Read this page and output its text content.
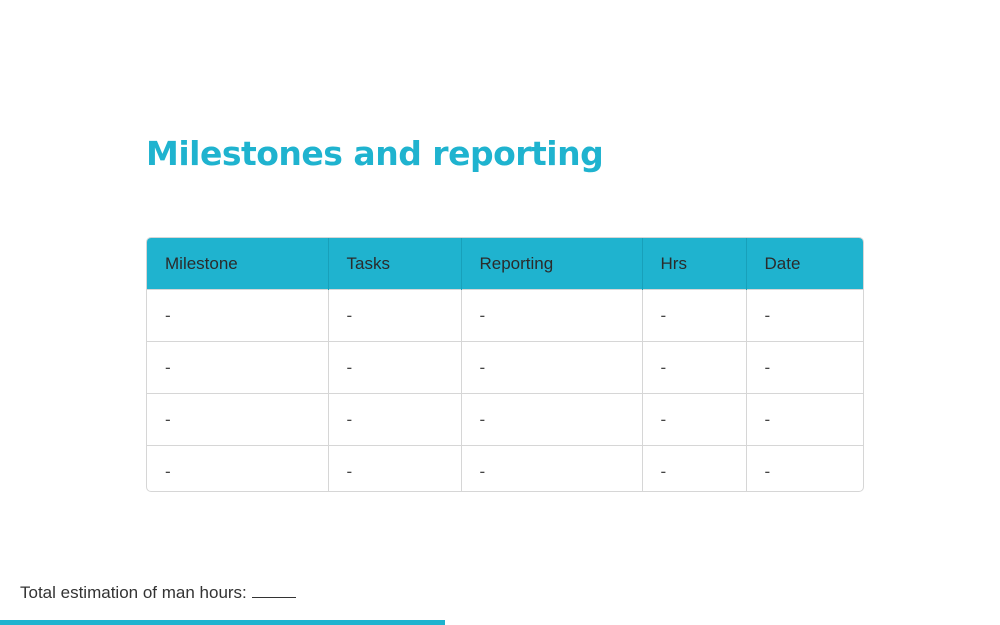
Milestones and reporting
Milestone	Tasks	Reporting	Hrs	Date
-	-	-	-	-
-	-	-	-	-
-	-	-	-	-
-	-	-	-	-
Total estimation of man hours:
